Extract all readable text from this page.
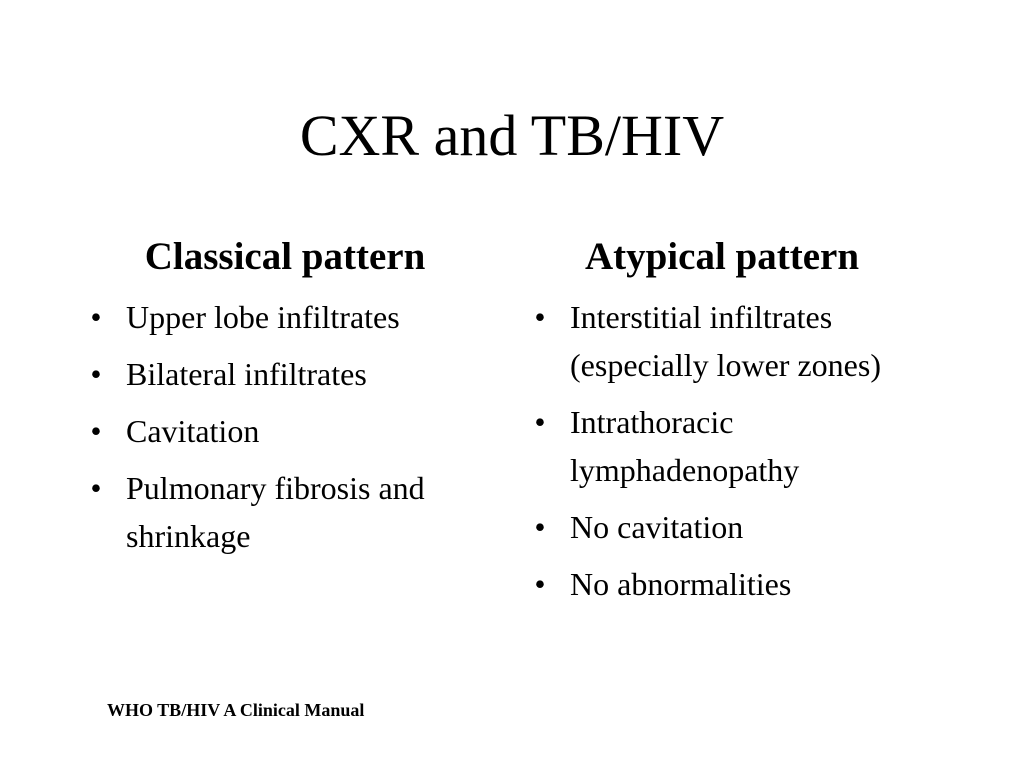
CXR and TB/HIV
Classical pattern
• Upper lobe infiltrates
• Bilateral infiltrates
• Cavitation
• Pulmonary fibrosis and shrinkage
Atypical pattern
• Interstitial infiltrates (especially lower zones)
• Intrathoracic lymphadenopathy
• No cavitation
• No abnormalities
WHO TB/HIV A Clinical Manual
